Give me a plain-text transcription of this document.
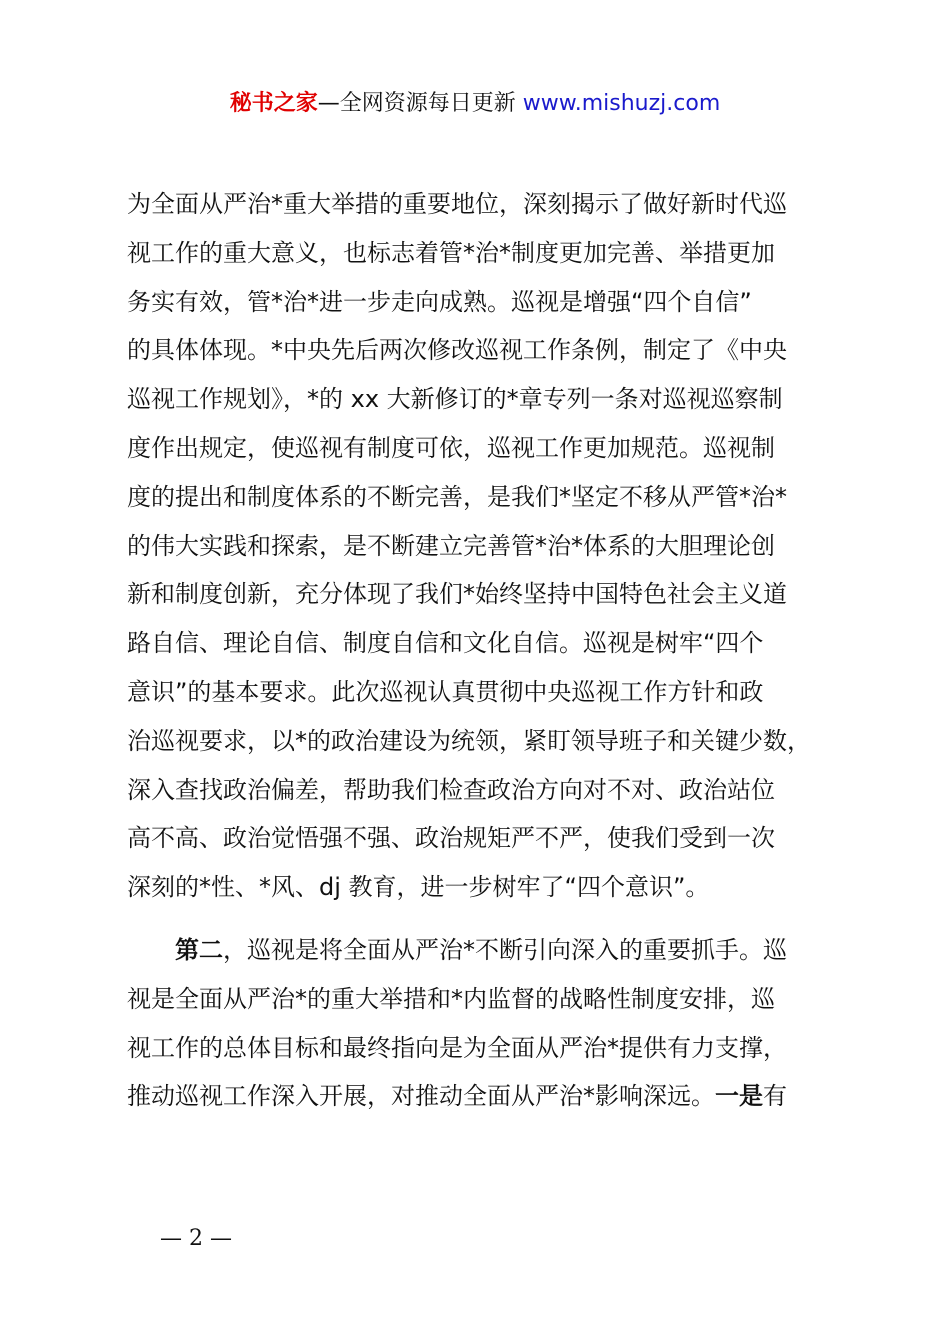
秘书之家—全网资源每日更新 www.mishuzj.com
为全面从严治*重大举措的重要地位，深刻揭示了做好新时代巡
视工作的重大意义，也标志着管*治*制度更加完善、举措更加
务实有效，管*治*进一步走向成熟。巡视是增强“四个自信”
的具体体现。*中央先后两次修改巡视工作条例，制定了《中央
巡视工作规划》，*的 xx 大新修订的*章专列一条对巡视巡察制
度作出规定，使巡视有制度可依，巡视工作更加规范。巡视制
度的提出和制度体系的不断完善，是我们*坚定不移从严管*治*
的伟大实践和探索，是不断建立完善管*治*体系的大胆理论创
新和制度创新，充分体现了我们*始终坚持中国特色社会主义道
路自信、理论自信、制度自信和文化自信。巡视是树牢“四个
意识”的基本要求。此次巡视认真贯彻中央巡视工作方针和政
治巡视要求，以*的政治建设为统领，紧盯领导班子和关键少数，
深入查找政治偏差，帮助我们检查政治方向对不对、政治站位
高不高、政治觉悟强不强、政治规矩严不严，使我们受到一次
深刻的*性、*风、dj 教育，进一步树牢了“四个意识”。
第二，巡视是将全面从严治*不断引向深入的重要抓手。巡
视是全面从严治*的重大举措和*内监督的战略性制度安排，巡
视工作的总体目标和最终指向是为全面从严治*提供有力支撑，
推动巡视工作深入开展，对推动全面从严治*影响深远。一是有
— 2 —
